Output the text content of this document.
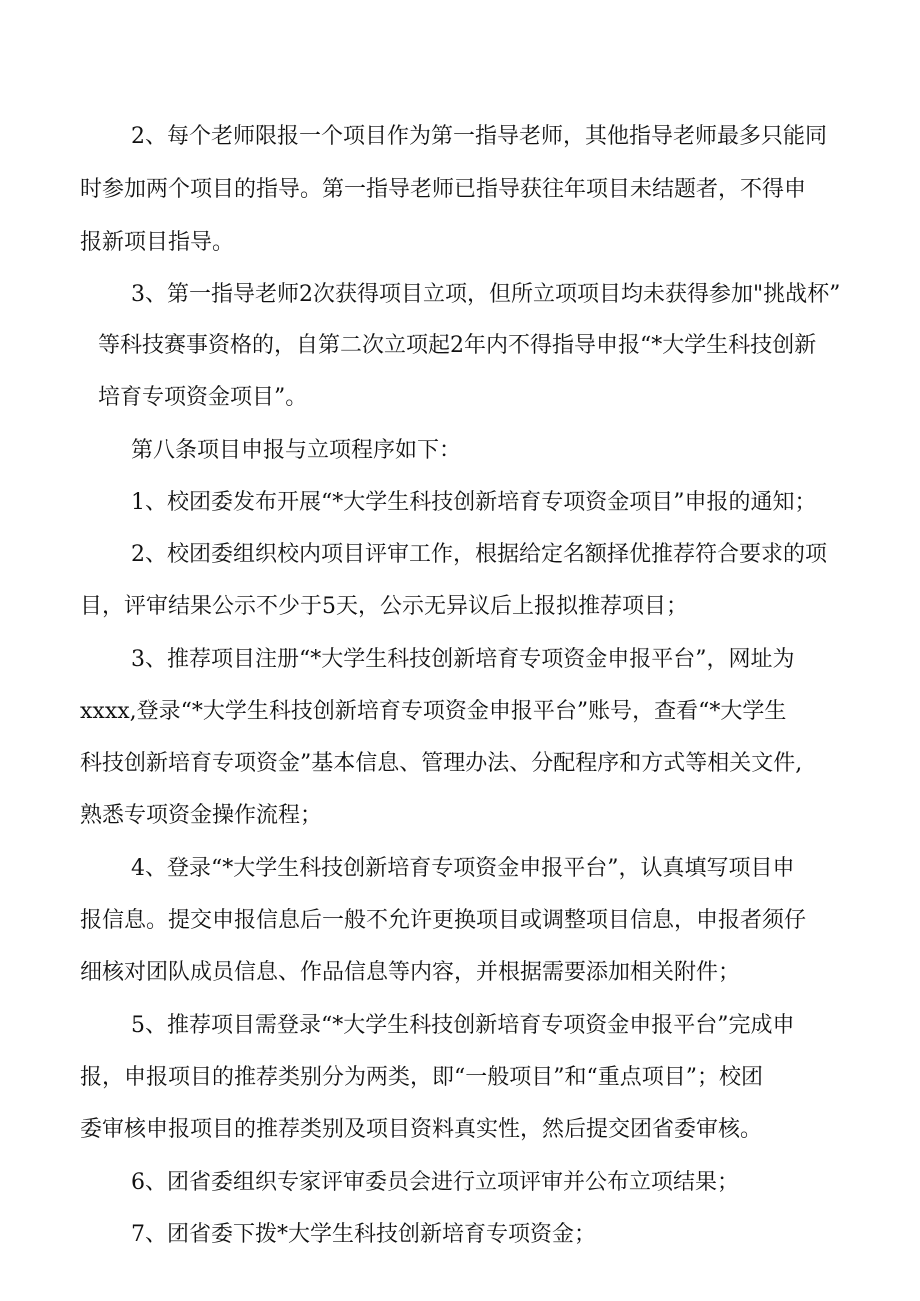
2、每个老师限报一个项目作为第一指导老师，其他指导老师最多只能同
时参加两个项目的指导。第一指导老师已指导获往年项目未结题者，不得申
报新项目指导。
3、第一指导老师2次获得项目立项，但所立项项目均未获得参加"挑战杯”
等科技赛事资格的，自第二次立项起2年内不得指导申报“*大学生科技创新
培育专项资金项目”。
第八条项目申报与立项程序如下：
1、校团委发布开展“*大学生科技创新培育专项资金项目”申报的通知；
2、校团委组织校内项目评审工作，根据给定名额择优推荐符合要求的项
目，评审结果公示不少于5天，公示无异议后上报拟推荐项目；
3、推荐项目注册“*大学生科技创新培育专项资金申报平台”，网址为
xxxx,登录“*大学生科技创新培育专项资金申报平台”账号，查看“*大学生
科技创新培育专项资金”基本信息、管理办法、分配程序和方式等相关文件,
熟悉专项资金操作流程；
4、登录“*大学生科技创新培育专项资金申报平台”，认真填写项目申
报信息。提交申报信息后一般不允许更换项目或调整项目信息，申报者须仔
细核对团队成员信息、作品信息等内容，并根据需要添加相关附件；
5、推荐项目需登录“*大学生科技创新培育专项资金申报平台”完成申
报，申报项目的推荐类别分为两类，即“一般项目”和“重点项目”；校团
委审核申报项目的推荐类别及项目资料真实性，然后提交团省委审核。
6、团省委组织专家评审委员会进行立项评审并公布立项结果；
7、团省委下拨*大学生科技创新培育专项资金；
